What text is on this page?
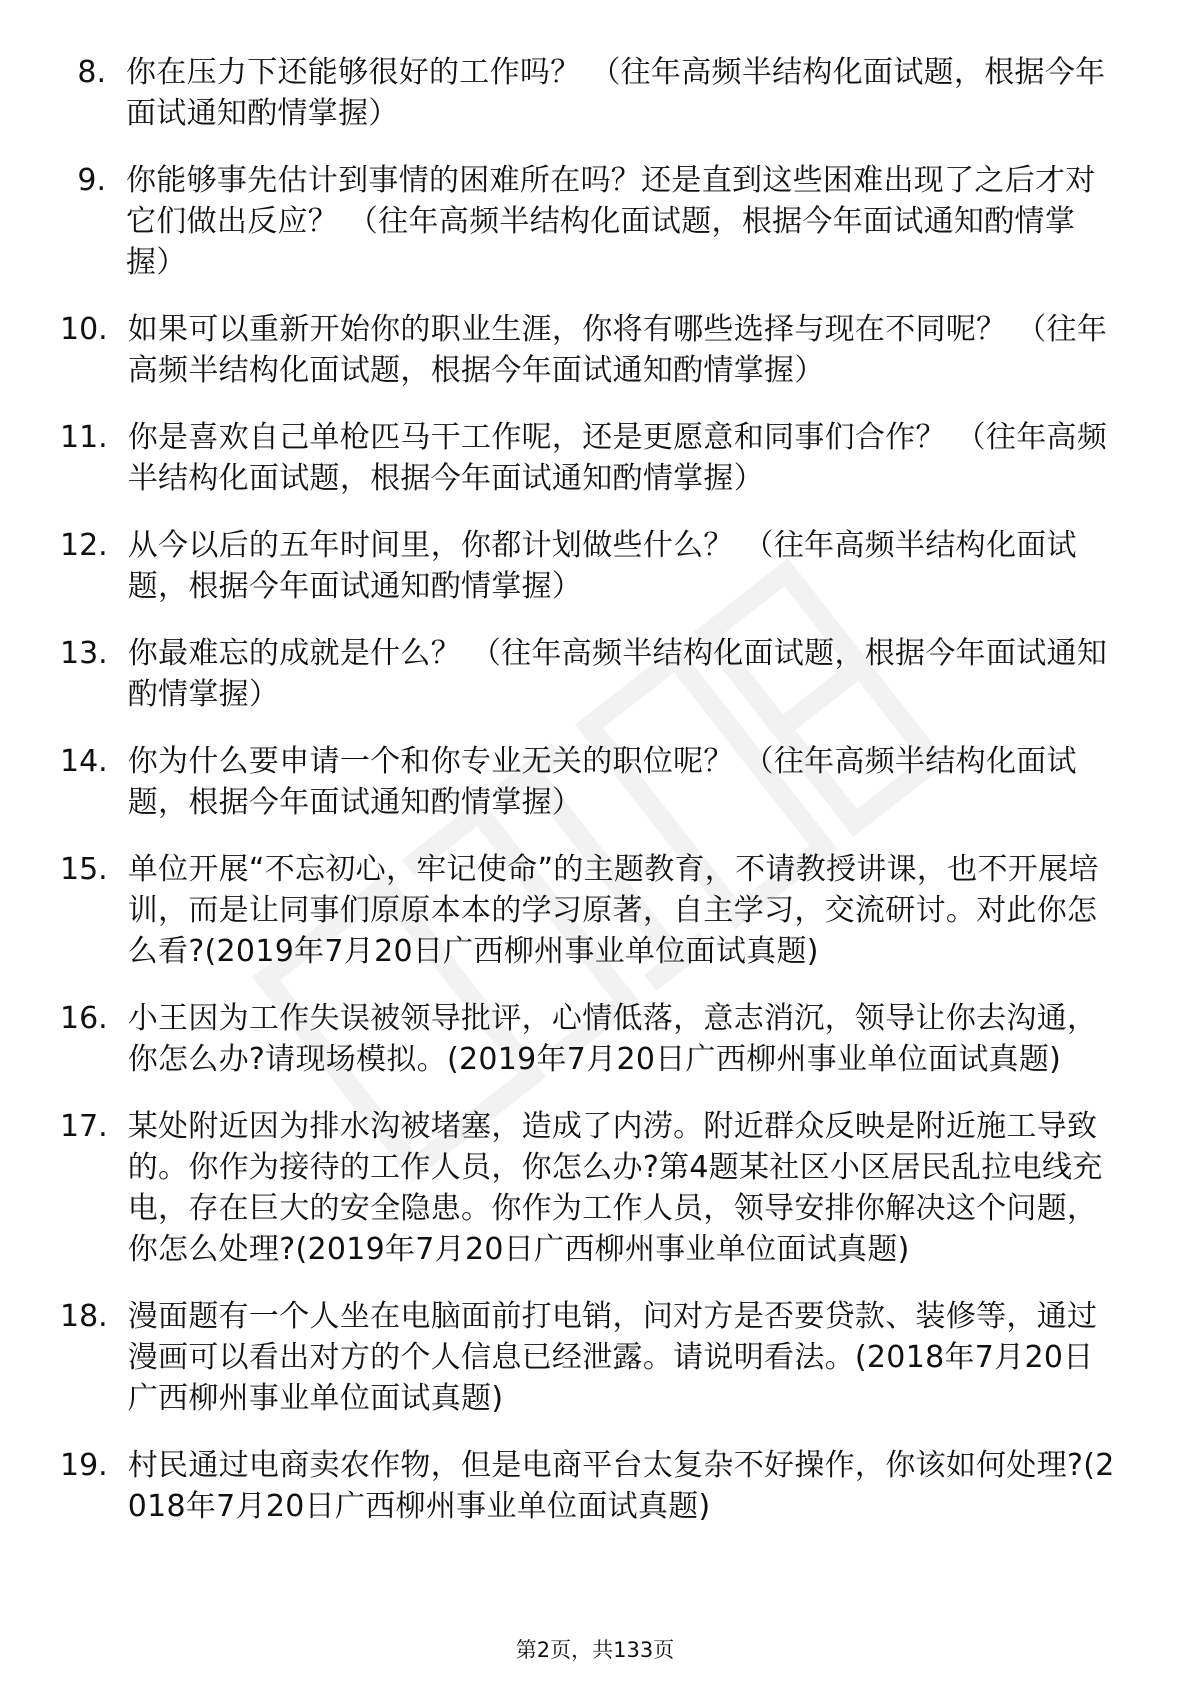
8. 你在压力下还能够很好的工作吗？ （往年高频半结构化面试题，根据今年面试通知酌情掌握）
9. 你能够事先估计到事情的困难所在吗？还是直到这些困难出现了之后才对它们做出反应？ （往年高频半结构化面试题，根据今年面试通知酌情掌握）
10. 如果可以重新开始你的职业生涯，你将有哪些选择与现在不同呢？ （往年高频半结构化面试题，根据今年面试通知酌情掌握）
11. 你是喜欢自己单枪匹马干工作呢，还是更愿意和同事们合作？ （往年高频半结构化面试题，根据今年面试通知酌情掌握）
12. 从今以后的五年时间里，你都计划做些什么？ （往年高频半结构化面试题，根据今年面试通知酌情掌握）
13. 你最难忘的成就是什么？ （往年高频半结构化面试题，根据今年面试通知酌情掌握）
14. 你为什么要申请一个和你专业无关的职位呢？ （往年高频半结构化面试题，根据今年面试通知酌情掌握）
15. 单位开展“不忘初心，牢记使命”的主题教育，不请教授讲课，也不开展培训，而是让同事们原原本本的学习原著，自主学习，交流研讨。对此你怎么看?(2019年7月20日广西柳州事业单位面试真题)
16. 小王因为工作失误被领导批评，心情低落，意志消沉，领导让你去沟通，你怎么办?请现场模拟。(2019年7月20日广西柳州事业单位面试真题)
17. 某处附近因为排水沟被堵塞，造成了内涝。附近群众反映是附近施工导致的。你作为接待的工作人员，你怎么办?第4题某社区小区居民乱拉电线充电，存在巨大的安全隐患。你作为工作人员，领导安排你解决这个问题，你怎么处理?(2019年7月20日广西柳州事业单位面试真题)
18. 漫面题有一个人坐在电脑面前打电销，问对方是否要贷款、装修等，通过漫画可以看出对方的个人信息已经泄露。请说明看法。(2018年7月20日广西柳州事业单位面试真题)
19. 村民通过电商卖农作物，但是电商平台太复杂不好操作，你该如何处理?(2018年7月20日广西柳州事业单位面试真题)
第2页，共133页
